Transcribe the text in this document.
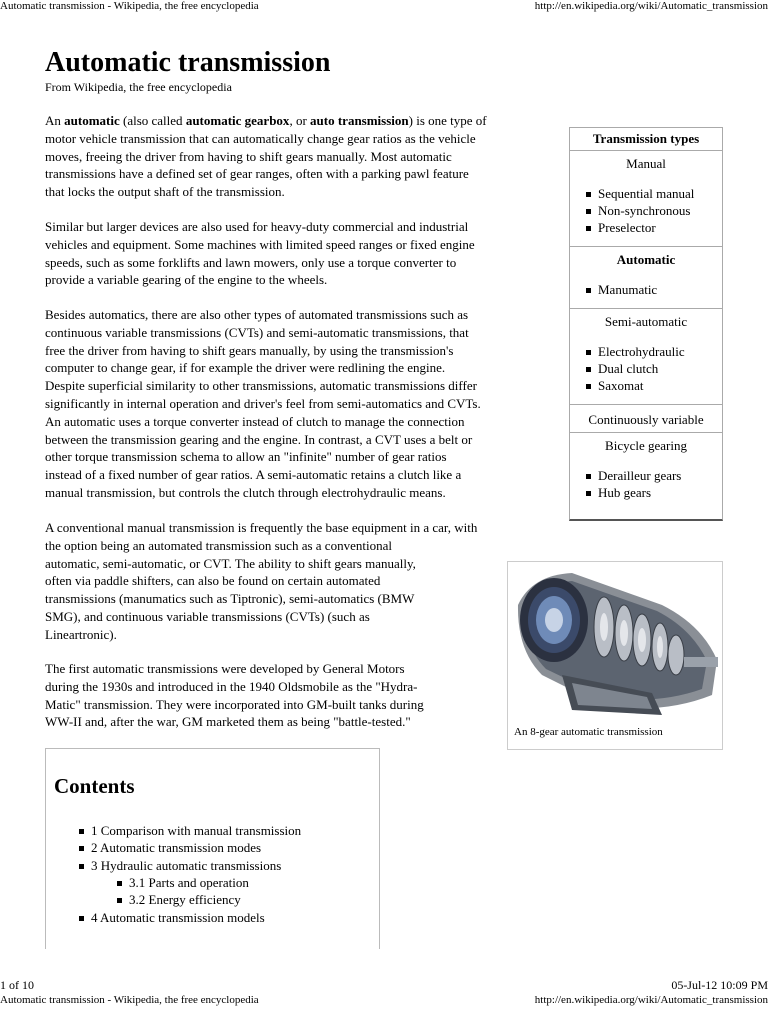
Automatic transmission - Wikipedia, the free encyclopedia	http://en.wikipedia.org/wiki/Automatic_transmission
Automatic transmission
From Wikipedia, the free encyclopedia
An automatic (also called automatic gearbox, or auto transmission) is one type of
motor vehicle transmission that can automatically change gear ratios as the vehicle
moves, freeing the driver from having to shift gears manually. Most automatic
transmissions have a defined set of gear ranges, often with a parking pawl feature
that locks the output shaft of the transmission.
Similar but larger devices are also used for heavy-duty commercial and industrial
vehicles and equipment. Some machines with limited speed ranges or fixed engine
speeds, such as some forklifts and lawn mowers, only use a torque converter to
provide a variable gearing of the engine to the wheels.
Besides automatics, there are also other types of automated transmissions such as
continuous variable transmissions (CVTs) and semi-automatic transmissions, that
free the driver from having to shift gears manually, by using the transmission's
computer to change gear, if for example the driver were redlining the engine.
Despite superficial similarity to other transmissions, automatic transmissions differ
significantly in internal operation and driver's feel from semi-automatics and CVTs.
An automatic uses a torque converter instead of clutch to manage the connection
between the transmission gearing and the engine. In contrast, a CVT uses a belt or
other torque transmission schema to allow an "infinite" number of gear ratios
instead of a fixed number of gear ratios. A semi-automatic retains a clutch like a
manual transmission, but controls the clutch through electrohydraulic means.
A conventional manual transmission is frequently the base equipment in a car, with
the option being an automated transmission such as a conventional
automatic, semi-automatic, or CVT. The ability to shift gears manually,
often via paddle shifters, can also be found on certain automated
transmissions (manumatics such as Tiptronic), semi-automatics (BMW
SMG), and continuous variable transmissions (CVTs) (such as
Lineartronic).
The first automatic transmissions were developed by General Motors
during the 1930s and introduced in the 1940 Oldsmobile as the "Hydra-
Matic" transmission. They were incorporated into GM-built tanks during
WW-II and, after the war, GM marketed them as being "battle-tested."
Transmission types
Manual
Sequential manual
Non-synchronous
Preselector
Automatic
Manumatic
Semi-automatic
Electrohydraulic
Dual clutch
Saxomat
Continuously variable
Bicycle gearing
Derailleur gears
Hub gears
An 8-gear automatic transmission
Contents
1 Comparison with manual transmission
2 Automatic transmission modes
3 Hydraulic automatic transmissions
3.1 Parts and operation
3.2 Energy efficiency
4 Automatic transmission models
1 of 10	05-Jul-12 10:09 PM
Automatic transmission - Wikipedia, the free encyclopedia	http://en.wikipedia.org/wiki/Automatic_transmission
